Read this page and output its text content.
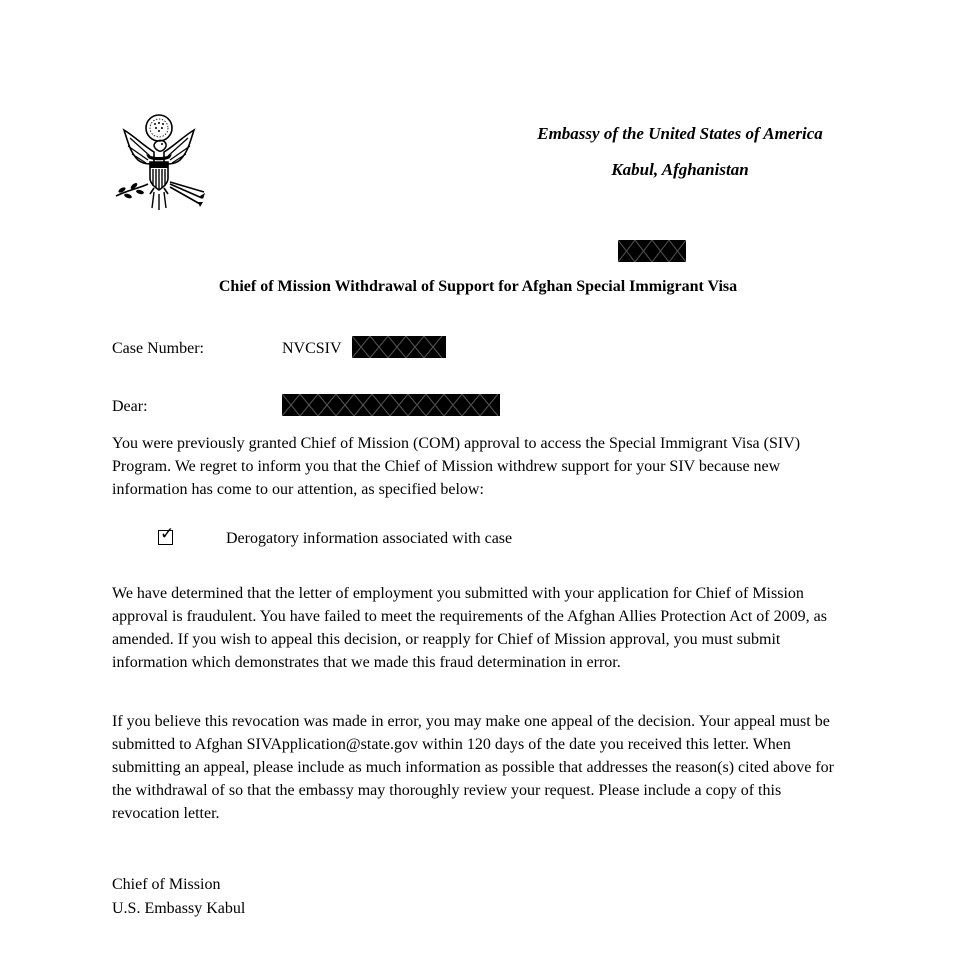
Embassy of the United States of America
Kabul, Afghanistan
Chief of Mission Withdrawal of Support for Afghan Special Immigrant Visa
Case Number:	NVCSIV
Dear:
You were previously granted Chief of Mission (COM) approval to access the Special Immigrant Visa (SIV) Program. We regret to inform you that the Chief of Mission withdrew support for your SIV because new information has come to our attention, as specified below:
✓	Derogatory information associated with case
We have determined that the letter of employment you submitted with your application for Chief of Mission approval is fraudulent. You have failed to meet the requirements of the Afghan Allies Protection Act of 2009, as amended. If you wish to appeal this decision, or reapply for Chief of Mission approval, you must submit information which demonstrates that we made this fraud determination in error.
If you believe this revocation was made in error, you may make one appeal of the decision. Your appeal must be submitted to Afghan SIVApplication@state.gov within 120 days of the date you received this letter. When submitting an appeal, please include as much information as possible that addresses the reason(s) cited above for the withdrawal of so that the embassy may thoroughly review your request. Please include a copy of this revocation letter.
Chief of Mission
U.S. Embassy Kabul
